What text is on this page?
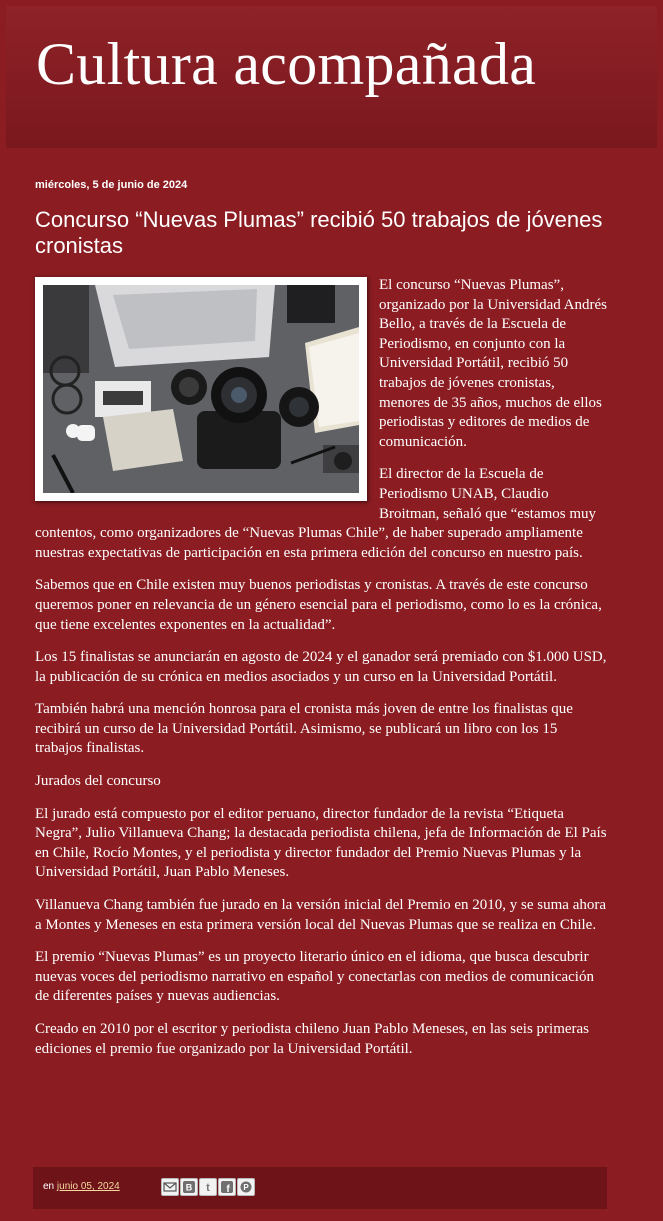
Cultura acompañada
miércoles, 5 de junio de 2024
Concurso “Nuevas Plumas” recibió 50 trabajos de jóvenes cronistas

El concurso “Nuevas Plumas”, organizado por la Universidad Andrés Bello, a través de la Escuela de Periodismo, en conjunto con la Universidad Portátil, recibió 50 trabajos de jóvenes cronistas, menores de 35 años, muchos de ellos periodistas y editores de medios de comunicación.

El director de la Escuela de Periodismo UNAB, Claudio Broitman, señaló que “estamos muy contentos, como organizadores de “Nuevas Plumas Chile”, de haber superado ampliamente nuestras expectativas de participación en esta primera edición del concurso en nuestro país.

Sabemos que en Chile existen muy buenos periodistas y cronistas. A través de este concurso queremos poner en relevancia de un género esencial para el periodismo, como lo es la crónica, que tiene excelentes exponentes en la actualidad”.

Los 15 finalistas se anunciarán en agosto de 2024 y el ganador será premiado con $1.000 USD, la publicación de su crónica en medios asociados y un curso en la Universidad Portátil.

También habrá una mención honrosa para el cronista más joven de entre los finalistas que recibirá un curso de la Universidad Portátil. Asimismo, se publicará un libro con los 15 trabajos finalistas.

Jurados del concurso

El jurado está compuesto por el editor peruano, director fundador de la revista “Etiqueta Negra”, Julio Villanueva Chang; la destacada periodista chilena, jefa de Información de El País en Chile, Rocío Montes, y el periodista y director fundador del Premio Nuevas Plumas y la Universidad Portátil, Juan Pablo Meneses.

Villanueva Chang también fue jurado en la versión inicial del Premio en 2010, y se suma ahora a Montes y Meneses en esta primera versión local del Nuevas Plumas que se realiza en Chile.

El premio “Nuevas Plumas” es un proyecto literario único en el idioma, que busca descubrir nuevas voces del periodismo narrativo en español y conectarlas con medios de comunicación de diferentes países y nuevas audiencias.

Creado en 2010 por el escritor y periodista chileno Juan Pablo Meneses, en las seis primeras ediciones el premio fue organizado por la Universidad Portátil.

en junio 05, 2024	B t f P
